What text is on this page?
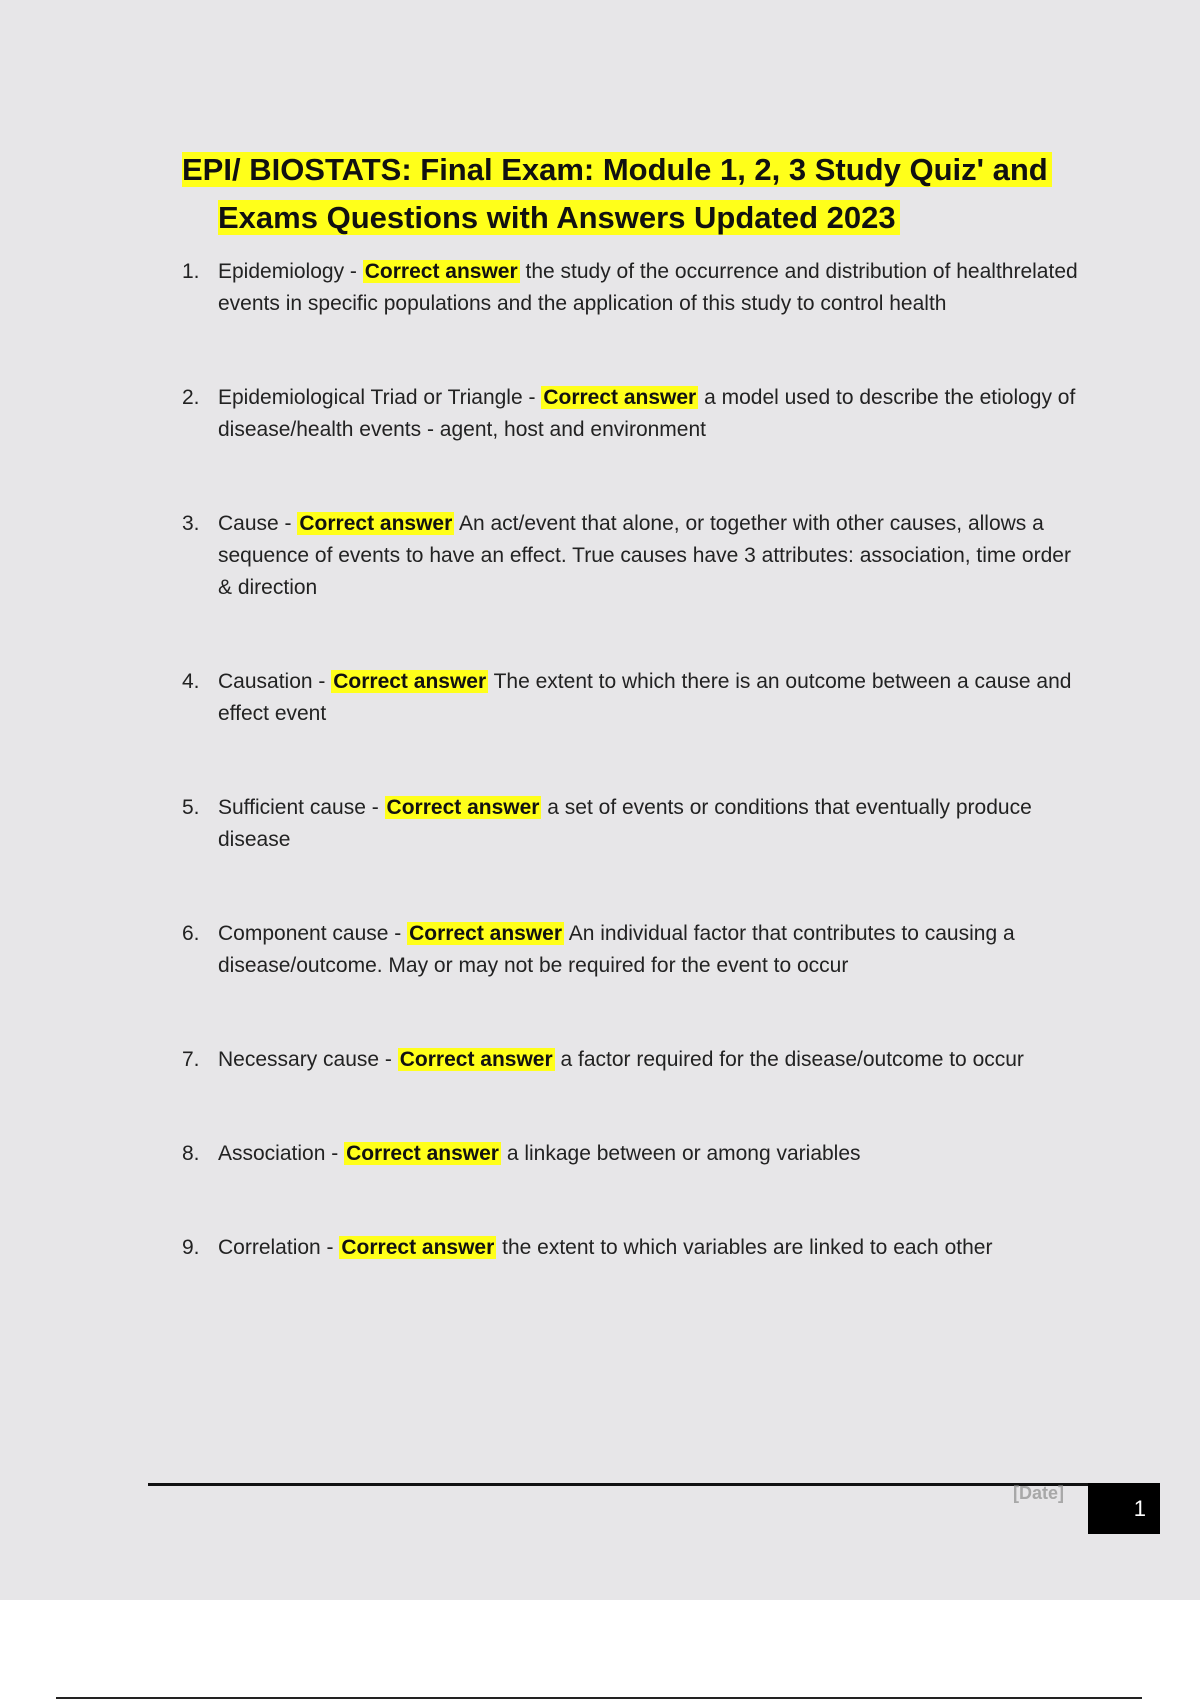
EPI/ BIOSTATS: Final Exam: Module 1, 2, 3 Study Quiz' and
Exams Questions with Answers Updated 2023
1. Epidemiology - Correct answer the study of the occurrence and distribution of healthrelated events in specific populations and the application of this study to control health
2. Epidemiological Triad or Triangle - Correct answer a model used to describe the etiology of disease/health events - agent, host and environment
3. Cause - Correct answer An act/event that alone, or together with other causes, allows a sequence of events to have an effect. True causes have 3 attributes: association, time order & direction
4. Causation - Correct answer The extent to which there is an outcome between a cause and effect event
5. Sufficient cause - Correct answer a set of events or conditions that eventually produce disease
6. Component cause - Correct answer An individual factor that contributes to causing a disease/outcome. May or may not be required for the event to occur
7. Necessary cause - Correct answer a factor required for the disease/outcome to occur
8. Association - Correct answer a linkage between or among variables
9. Correlation - Correct answer the extent to which variables are linked to each other
[Date]
1
